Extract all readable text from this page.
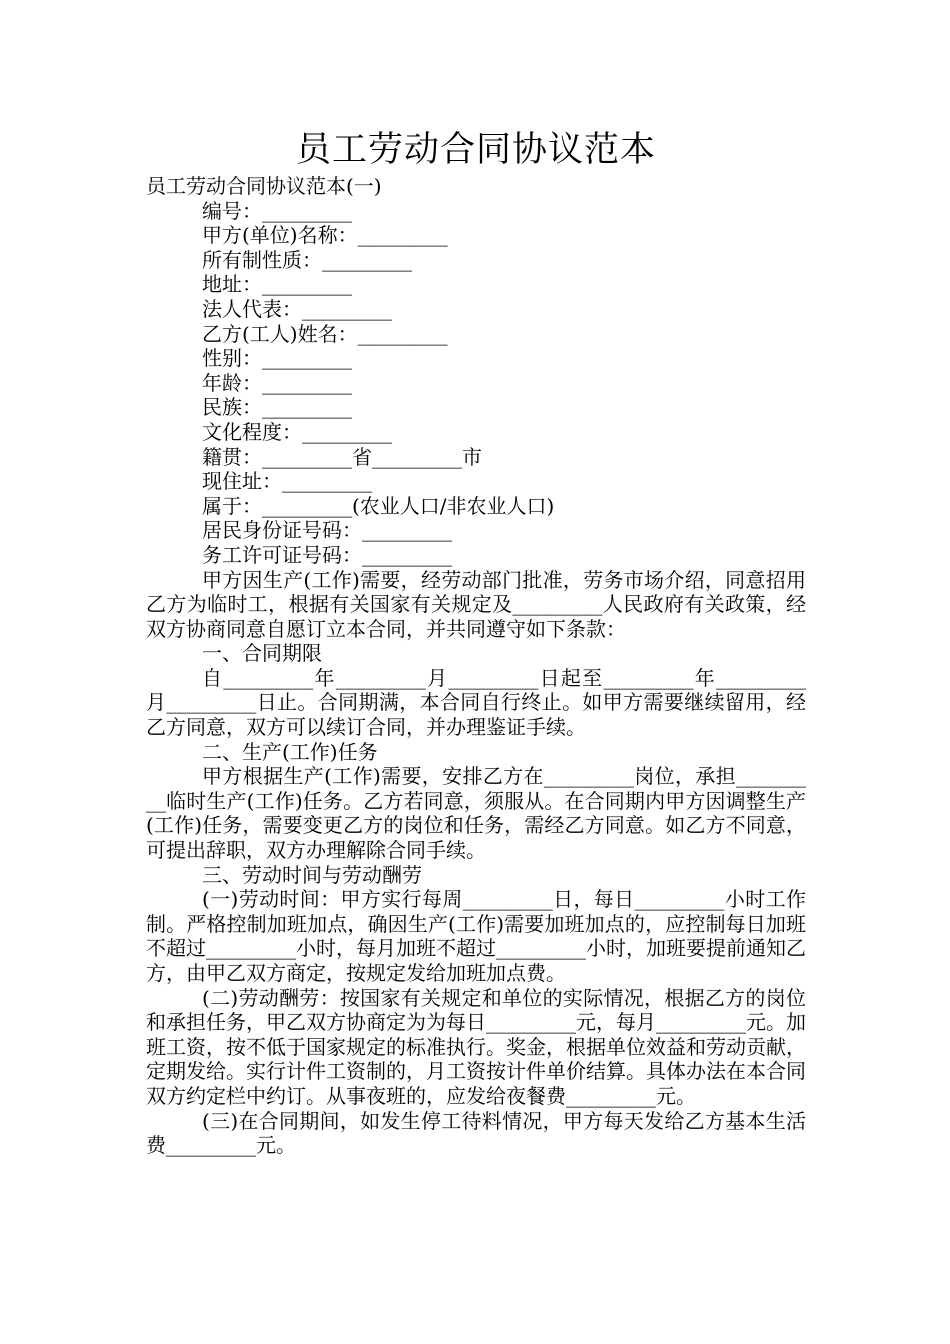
员工劳动合同协议范本

员工劳动合同协议范本(一)

编号：_________
甲方(单位)名称：_________
所有制性质：_________
地址：_________
法人代表：_________
乙方(工人)姓名：_________
性别：_________
年龄：_________
民族：_________
文化程度：_________
籍贯：_________省_________市
现住址：_________
属于：_________(农业人口/非农业人口)
居民身份证号码：_________
务工许可证号码：_________

甲方因生产(工作)需要，经劳动部门批准，劳务市场介绍，同意招用乙方为临时工，根据有关国家有关规定及_________人民政府有关政策，经双方协商同意自愿订立本合同，并共同遵守如下条款：

一、合同期限

自_________年_________月_________日起至_________年_________月_________日止。合同期满，本合同自行终止。如甲方需要继续留用，经乙方同意，双方可以续订合同，并办理鉴证手续。

二、生产(工作)任务

甲方根据生产(工作)需要，安排乙方在_________岗位，承担_________临时生产(工作)任务。乙方若同意，须服从。在合同期内甲方因调整生产(工作)任务，需要变更乙方的岗位和任务，需经乙方同意。如乙方不同意，可提出辞职，双方办理解除合同手续。

三、劳动时间与劳动酬劳

(一)劳动时间：甲方实行每周_________日，每日_________小时工作制。严格控制加班加点，确因生产(工作)需要加班加点的，应控制每日加班不超过_________小时，每月加班不超过_________小时，加班要提前通知乙方，由甲乙双方商定，按规定发给加班加点费。

(二)劳动酬劳：按国家有关规定和单位的实际情况，根据乙方的岗位和承担任务，甲乙双方协商定为为每日_________元，每月_________元。加班工资，按不低于国家规定的标准执行。奖金，根据单位效益和劳动贡献，定期发给。实行计件工资制的，月工资按计件单价结算。具体办法在本合同双方约定栏中约订。从事夜班的，应发给夜餐费_________元。

(三)在合同期间，如发生停工待料情况，甲方每天发给乙方基本生活费_________元。
